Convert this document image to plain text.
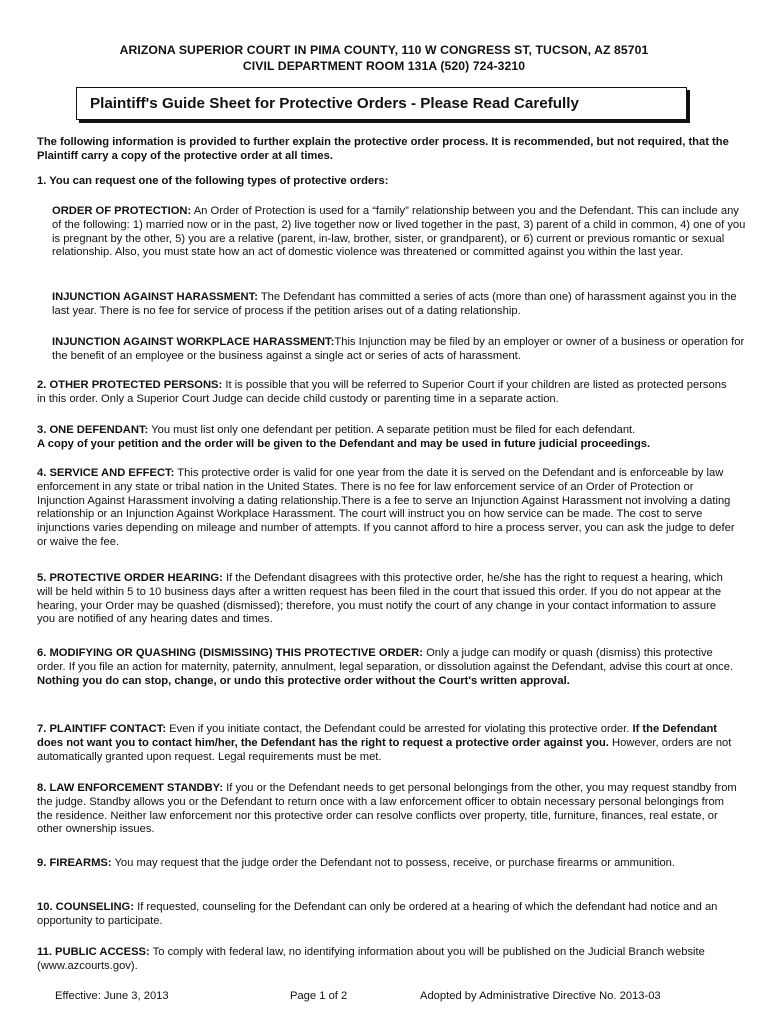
ARIZONA SUPERIOR COURT IN PIMA COUNTY, 110 W CONGRESS ST, TUCSON, AZ 85701
CIVIL DEPARTMENT ROOM 131A (520) 724-3210
Plaintiff's Guide Sheet for Protective Orders - Please Read Carefully

The following information is provided to further explain the protective order process. It is recommended, but not required, that the Plaintiff carry a copy of the protective order at all times.

1. You can request one of the following types of protective orders:

ORDER OF PROTECTION: An Order of Protection is used for a “family” relationship between you and the Defendant. This can include any of the following: 1) married now or in the past, 2) live together now or lived together in the past, 3) parent of a child in common, 4) one of you is pregnant by the other, 5) you are a relative (parent, in-law, brother, sister, or grandparent), or 6) current or previous romantic or sexual relationship. Also, you must state how an act of domestic violence was threatened or committed against you within the last year.

INJUNCTION AGAINST HARASSMENT: The Defendant has committed a series of acts (more than one) of harassment against you in the last year. There is no fee for service of process if the petition arises out of a dating relationship.

INJUNCTION AGAINST WORKPLACE HARASSMENT:This Injunction may be filed by an employer or owner of a business or operation for the benefit of an employee or the business against a single act or series of acts of harassment.

2. OTHER PROTECTED PERSONS: It is possible that you will be referred to Superior Court if your children are listed as protected persons in this order. Only a Superior Court Judge can decide child custody or parenting time in a separate action.

3. ONE DEFENDANT: You must list only one defendant per petition. A separate petition must be filed for each defendant.

A copy of your petition and the order will be given to the Defendant and may be used in future judicial proceedings.

4. SERVICE AND EFFECT: This protective order is valid for one year from the date it is served on the Defendant and is enforceable by law enforcement in any state or tribal nation in the United States. There is no fee for law enforcement service of an Order of Protection or Injunction Against Harassment involving a dating relationship.There is a fee to serve an Injunction Against Harassment not involving a dating relationship or an Injunction Against Workplace Harassment. The court will instruct you on how service can be made. The cost to serve injunctions varies depending on mileage and number of attempts. If you cannot afford to hire a process server, you can ask the judge to defer or waive the fee.

5. PROTECTIVE ORDER HEARING: If the Defendant disagrees with this protective order, he/she has the right to request a hearing, which will be held within 5 to 10 business days after a written request has been filed in the court that issued this order. If you do not appear at the hearing, your Order may be quashed (dismissed); therefore, you must notify the court of any change in your contact information to assure you are notified of any hearing dates and times.

6. MODIFYING OR QUASHING (DISMISSING) THIS PROTECTIVE ORDER: Only a judge can modify or quash (dismiss) this protective order. If you file an action for maternity, paternity, annulment, legal separation, or dissolution against the Defendant, advise this court at once. Nothing you do can stop, change, or undo this protective order without the Court's written approval.

7. PLAINTIFF CONTACT: Even if you initiate contact, the Defendant could be arrested for violating this protective order. If the Defendant does not want you to contact him/her, the Defendant has the right to request a protective order against you. However, orders are not automatically granted upon request. Legal requirements must be met.

8. LAW ENFORCEMENT STANDBY: If you or the Defendant needs to get personal belongings from the other, you may request standby from the judge. Standby allows you or the Defendant to return once with a law enforcement officer to obtain necessary personal belongings from the residence. Neither law enforcement nor this protective order can resolve conflicts over property, title, furniture, finances, real estate, or other ownership issues.

9. FIREARMS: You may request that the judge order the Defendant not to possess, receive, or purchase firearms or ammunition.

10. COUNSELING: If requested, counseling for the Defendant can only be ordered at a hearing of which the defendant had notice and an opportunity to participate.

11. PUBLIC ACCESS: To comply with federal law, no identifying information about you will be published on the Judicial Branch website (www.azcourts.gov).

Effective: June 3, 2013	Page 1 of 2	Adopted by Administrative Directive No. 2013-03
